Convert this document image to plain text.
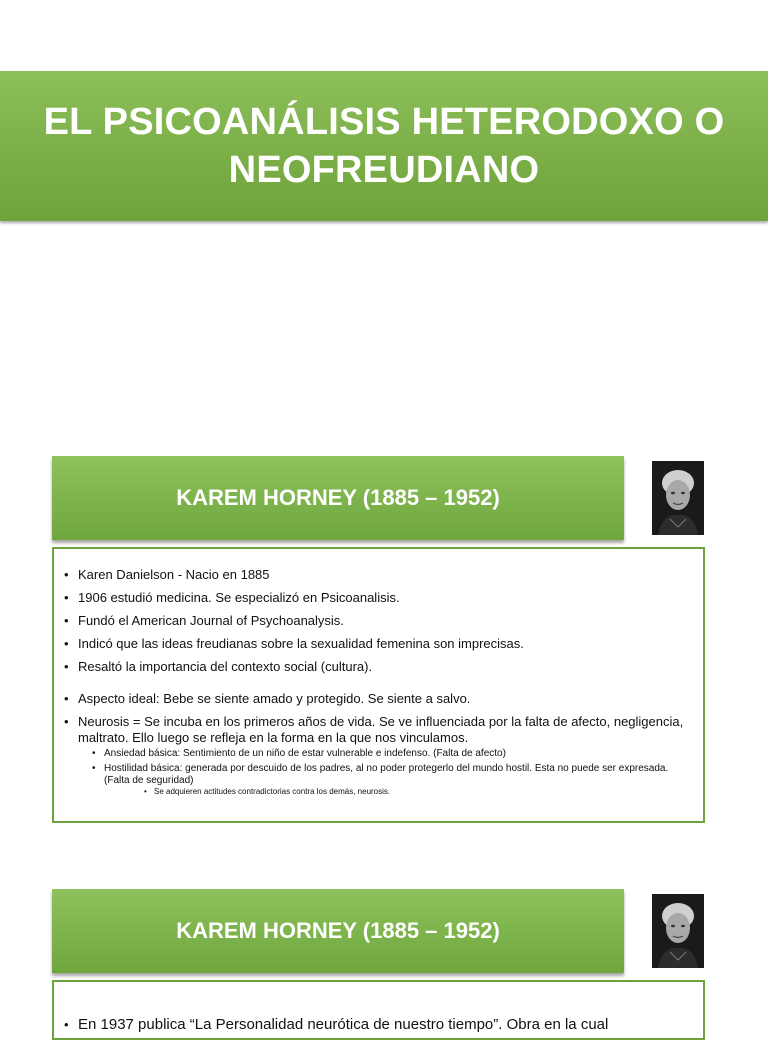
EL PSICOANÁLISIS HETERODOXO O NEOFREUDIANO
KAREM HORNEY (1885 – 1952)
• Karen Danielson - Nacio en 1885
• 1906 estudió medicina. Se especializó en Psicoanalisis.
• Fundó el American Journal of Psychoanalysis.
• Indicó que las ideas freudianas sobre la sexualidad femenina son imprecisas.
• Resaltó la importancia del contexto social (cultura).
• Aspecto ideal: Bebe se siente amado y protegido. Se siente a salvo.
• Neurosis = Se incuba en los primeros años de vida. Se ve influenciada por la falta de afecto, negligencia, maltrato. Ello luego se refleja en la forma en la que nos vinculamos.
• Ansiedad básica: Sentimiento de un niño de estar vulnerable e indefenso. (Falta de afecto)
• Hostilidad básica: generada por descuido de los padres, al no poder protegerlo del mundo hostil. Esta no puede ser expresada.(Falta de seguridad)
• Se adquieren actitudes contradictorias contra los demás, neurosis.
KAREM HORNEY (1885 – 1952)
• En 1937 publica “La Personalidad neurótica de nuestro tiempo”. Obra en la cual
